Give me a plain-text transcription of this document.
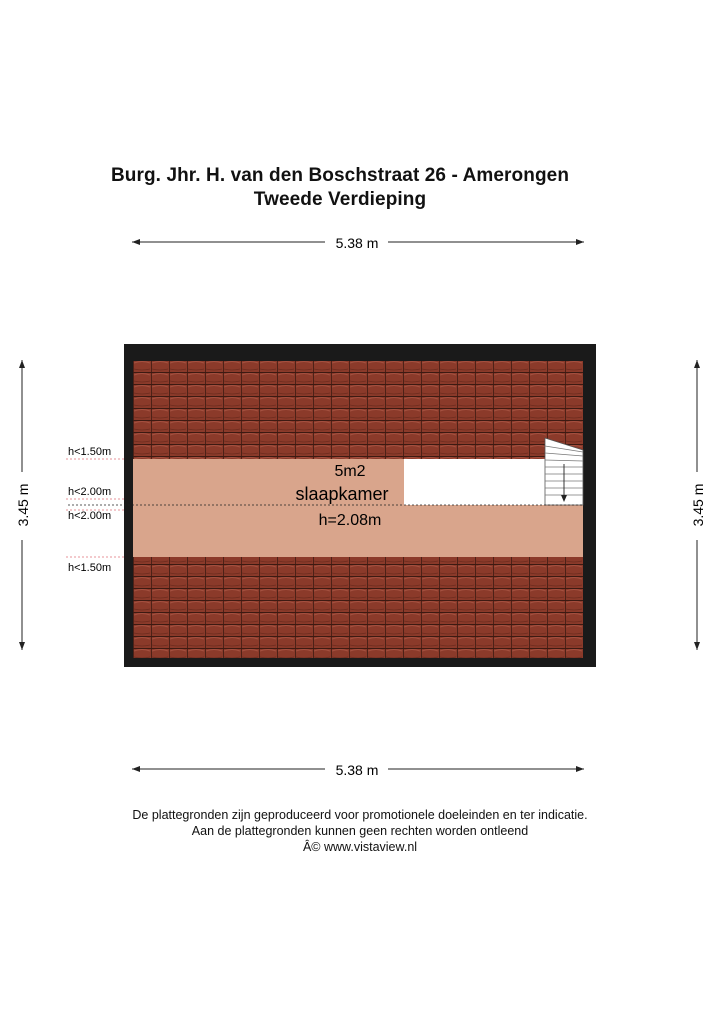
Burg. Jhr. H. van den Boschstraat 26 - Amerongen
Tweede Verdieping
5.38 m
5.38 m
3.45 m	3.45 m
h<1.50m
h<2.00m
h<2.00m
h<1.50m
5m2
slaapkamer
h=2.08m
De plattegronden zijn geproduceerd voor promotionele doeleinden en ter indicatie.
Aan de plattegronden kunnen geen rechten worden ontleend
Â© www.vistaview.nl
